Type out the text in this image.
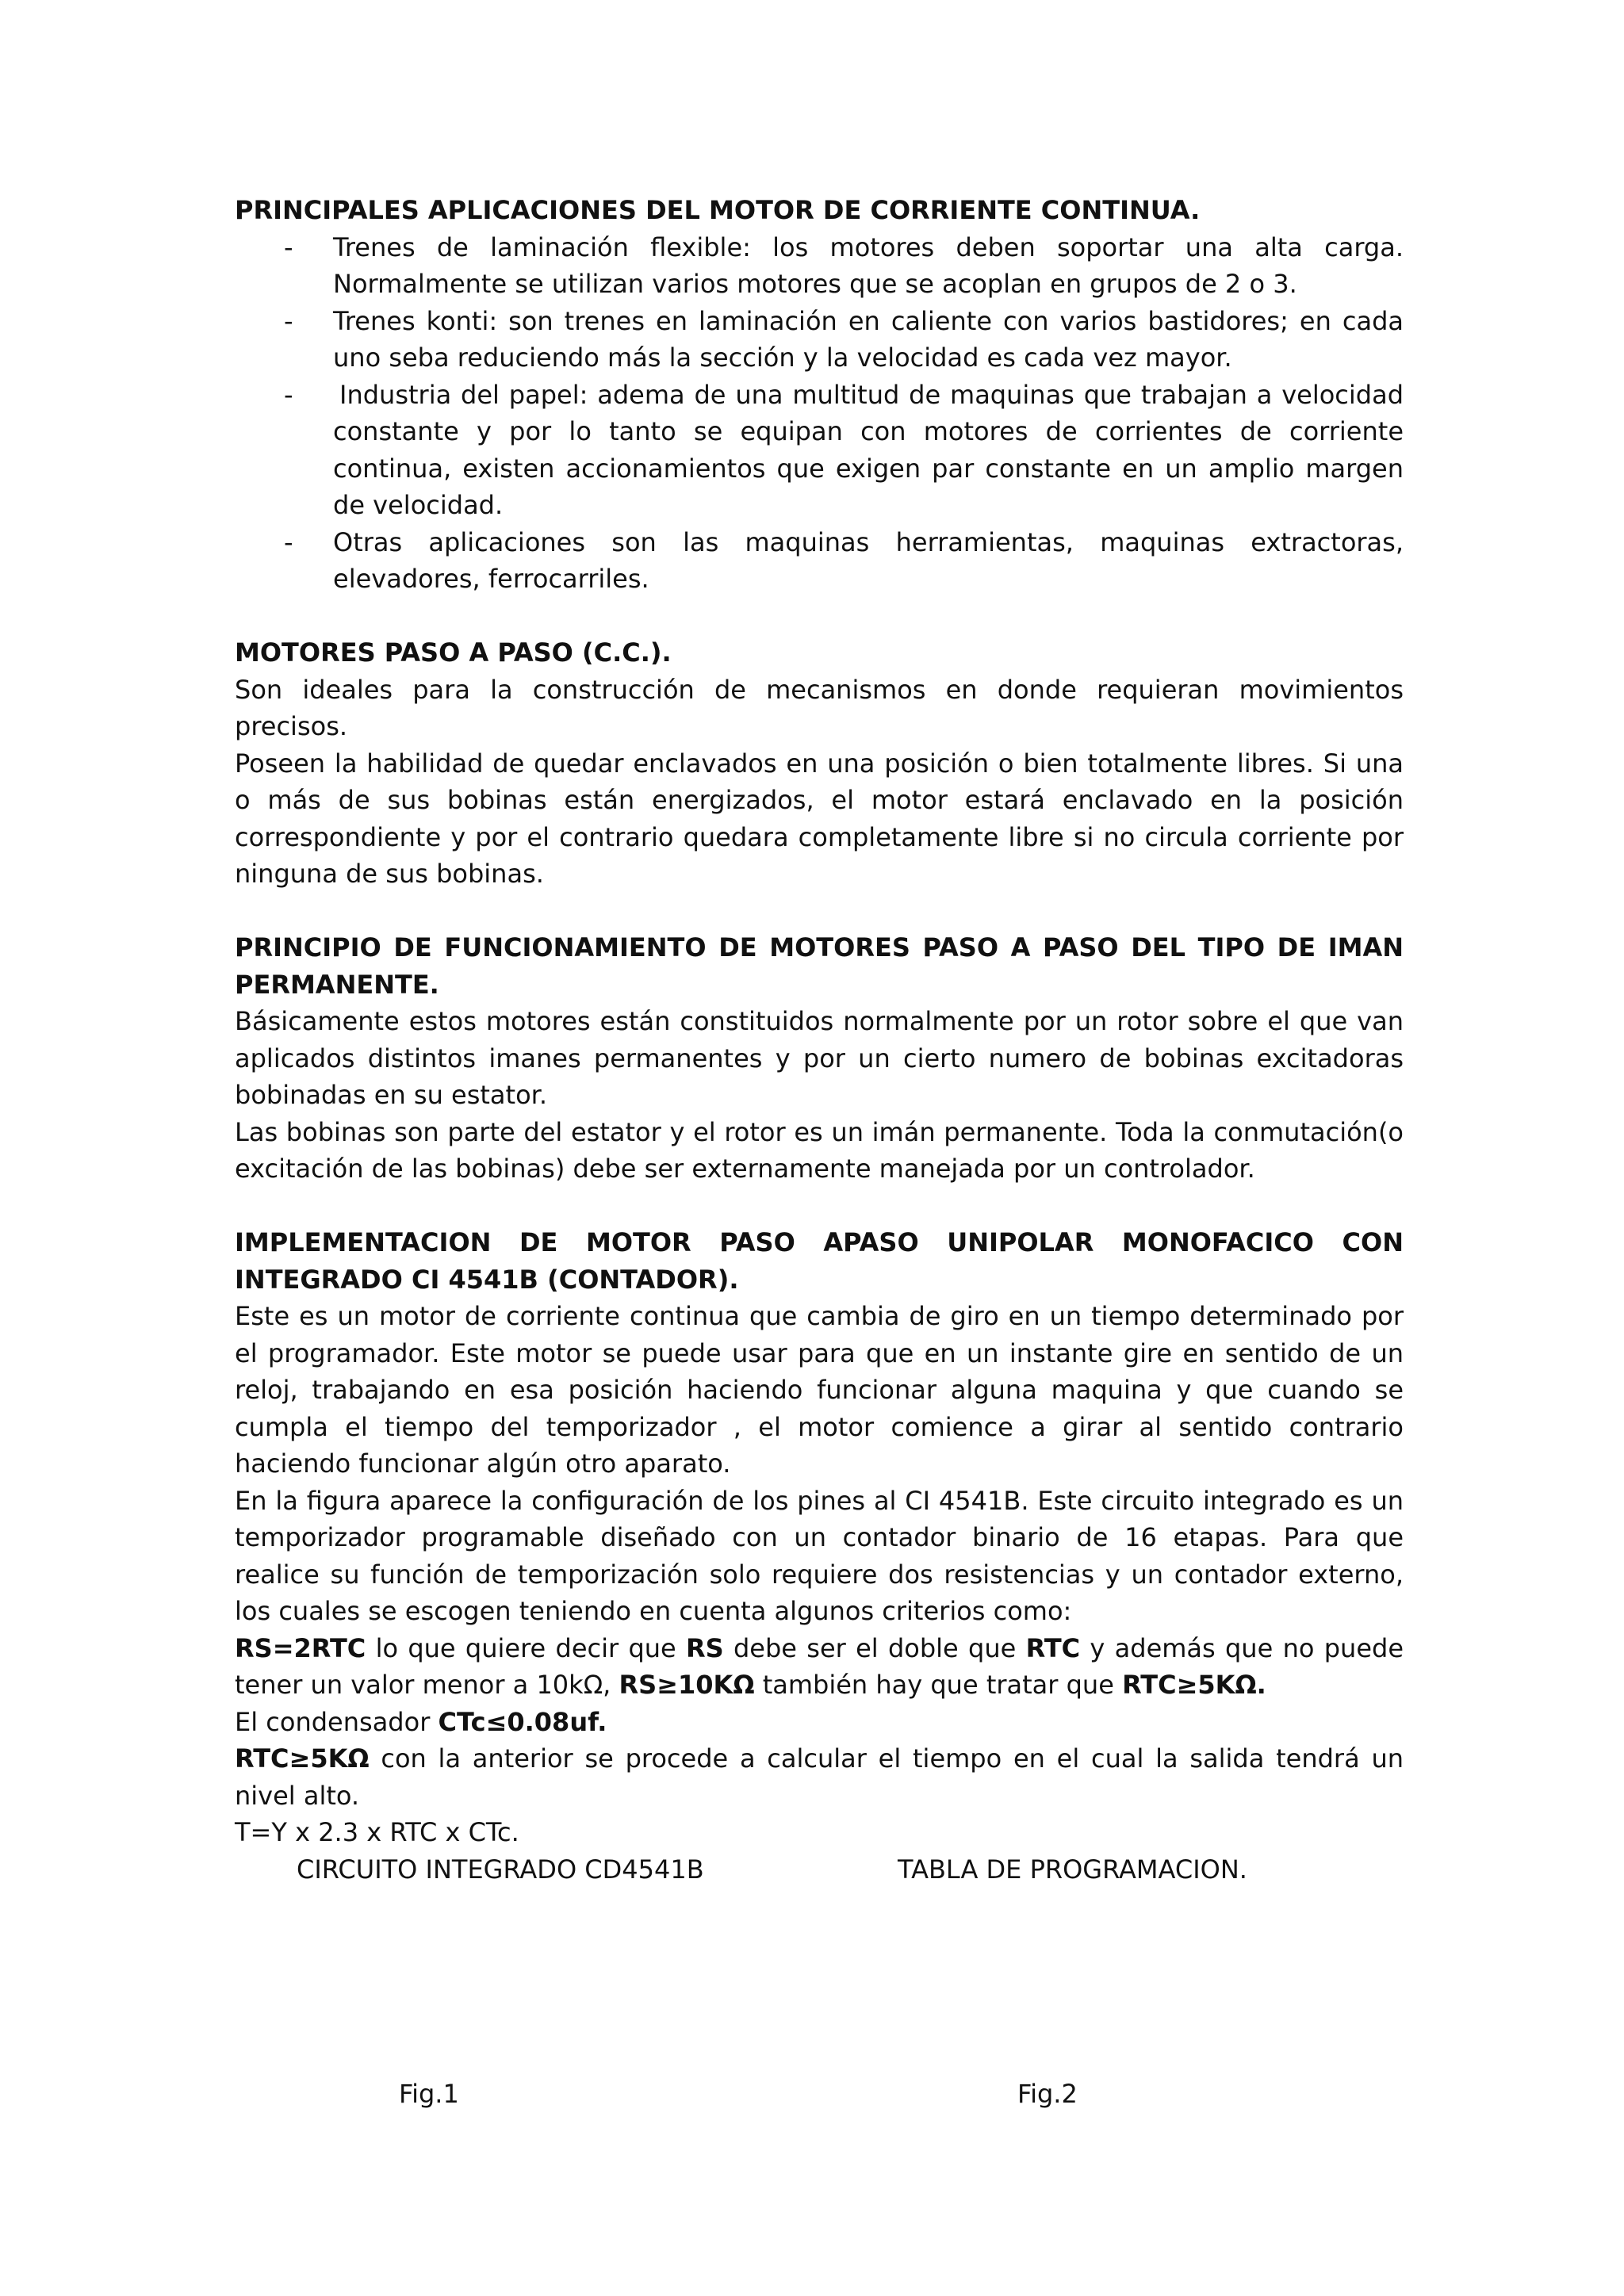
PRINCIPALES APLICACIONES DEL MOTOR DE CORRIENTE CONTINUA.

- Trenes de laminación flexible: los motores deben soportar una alta carga. Normalmente se utilizan varios motores que se acoplan en grupos de 2 o 3.
- Trenes konti: son trenes en laminación en caliente con varios bastidores; en cada uno seba reduciendo más la sección y la velocidad es cada vez mayor.
- Industria del papel: adema de una multitud de maquinas que trabajan a velocidad constante y por lo tanto se equipan con motores de corrientes de corriente continua, existen accionamientos que exigen par constante en un amplio margen de velocidad.
- Otras aplicaciones son las maquinas herramientas, maquinas extractoras, elevadores, ferrocarriles.

MOTORES PASO A PASO (C.C.).

Son ideales para la construcción de mecanismos en donde requieran movimientos precisos.

Poseen la habilidad de quedar enclavados en una posición o bien totalmente libres. Si una o más de sus bobinas están energizados, el motor estará enclavado en la posición correspondiente y por el contrario quedara completamente libre si no circula corriente por ninguna de sus bobinas.

PRINCIPIO DE FUNCIONAMIENTO DE MOTORES PASO A PASO DEL TIPO DE IMAN PERMANENTE.

Básicamente estos motores están constituidos normalmente por un rotor sobre el que van aplicados distintos imanes permanentes y por un cierto numero de bobinas excitadoras bobinadas en su estator.

Las bobinas son parte del estator y el rotor es un imán permanente. Toda la conmutación(o excitación de las bobinas) debe ser externamente manejada por un controlador.

IMPLEMENTACION DE MOTOR PASO APASO UNIPOLAR MONOFACICO CON INTEGRADO CI 4541B (CONTADOR).

Este es un motor de corriente continua que cambia de giro en un tiempo determinado por el programador. Este motor se puede usar para que en un instante gire en sentido de un reloj, trabajando en esa posición haciendo funcionar alguna maquina y que cuando se cumpla el tiempo del temporizador , el motor comience a girar al sentido contrario haciendo funcionar algún otro aparato.

En la figura aparece la configuración de los pines al CI 4541B. Este circuito integrado es un temporizador programable diseñado con un contador binario de 16 etapas. Para que realice su función de temporización solo requiere dos resistencias y un contador externo, los cuales se escogen teniendo en cuenta algunos criterios como:

RS=2RTC lo que quiere decir que RS debe ser el doble que RTC y además que no puede tener un valor menor a 10kΩ, RS≥10KΩ también hay que tratar que RTC≥5KΩ.

El condensador CTc≤0.08uf.

RTC≥5KΩ con la anterior se procede a calcular el tiempo en el cual la salida tendrá un nivel alto.

T=Y x 2.3 x RTC x CTc.

CIRCUITO INTEGRADO CD4541B	TABLA DE PROGRAMACION.
Fig.1	Fig.2
